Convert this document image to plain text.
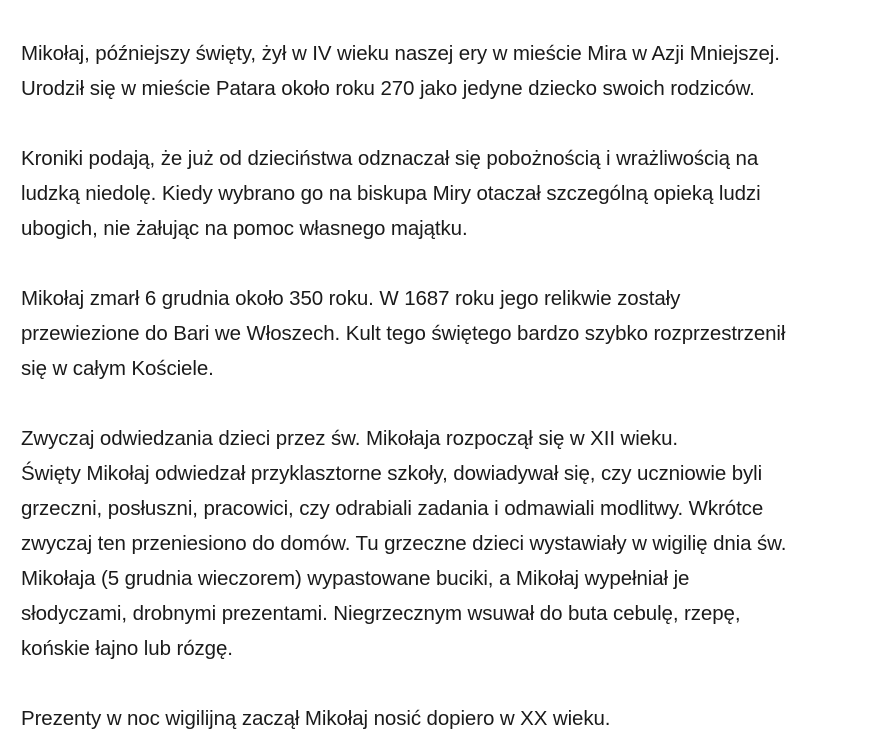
Mikołaj, późniejszy święty, żył w IV wieku naszej ery w mieście Mira w Azji Mniejszej.
Urodził się w mieście Patara około roku 270 jako jedyne dziecko swoich rodziców.
Kroniki podają, że już od dzieciństwa odznaczał się pobożnością i wrażliwością na
ludzką niedolę. Kiedy wybrano go na biskupa Miry otaczał szczególną opieką ludzi
ubogich, nie żałując na pomoc własnego majątku.
Mikołaj zmarł 6 grudnia około 350 roku. W 1687 roku jego relikwie zostały
przewiezione do Bari we Włoszech. Kult tego świętego bardzo szybko rozprzestrzenił
się w całym Kościele.
Zwyczaj odwiedzania dzieci przez św. Mikołaja rozpoczął się w XII wieku.
Święty Mikołaj odwiedzał przyklasztorne szkoły, dowiadywał się, czy uczniowie byli
grzeczni, posłuszni, pracowici, czy odrabiali zadania i odmawiali modlitwy. Wkrótce
zwyczaj ten przeniesiono do domów. Tu grzeczne dzieci wystawiały w wigilię dnia św.
Mikołaja (5 grudnia wieczorem) wypastowane buciki, a Mikołaj wypełniał je
słodyczami, drobnymi prezentami. Niegrzecznym wsuwał do buta cebulę, rzepę,
końskie łajno lub rózgę.
Prezenty w noc wigilijną zaczął Mikołaj nosić dopiero w XX wieku.
